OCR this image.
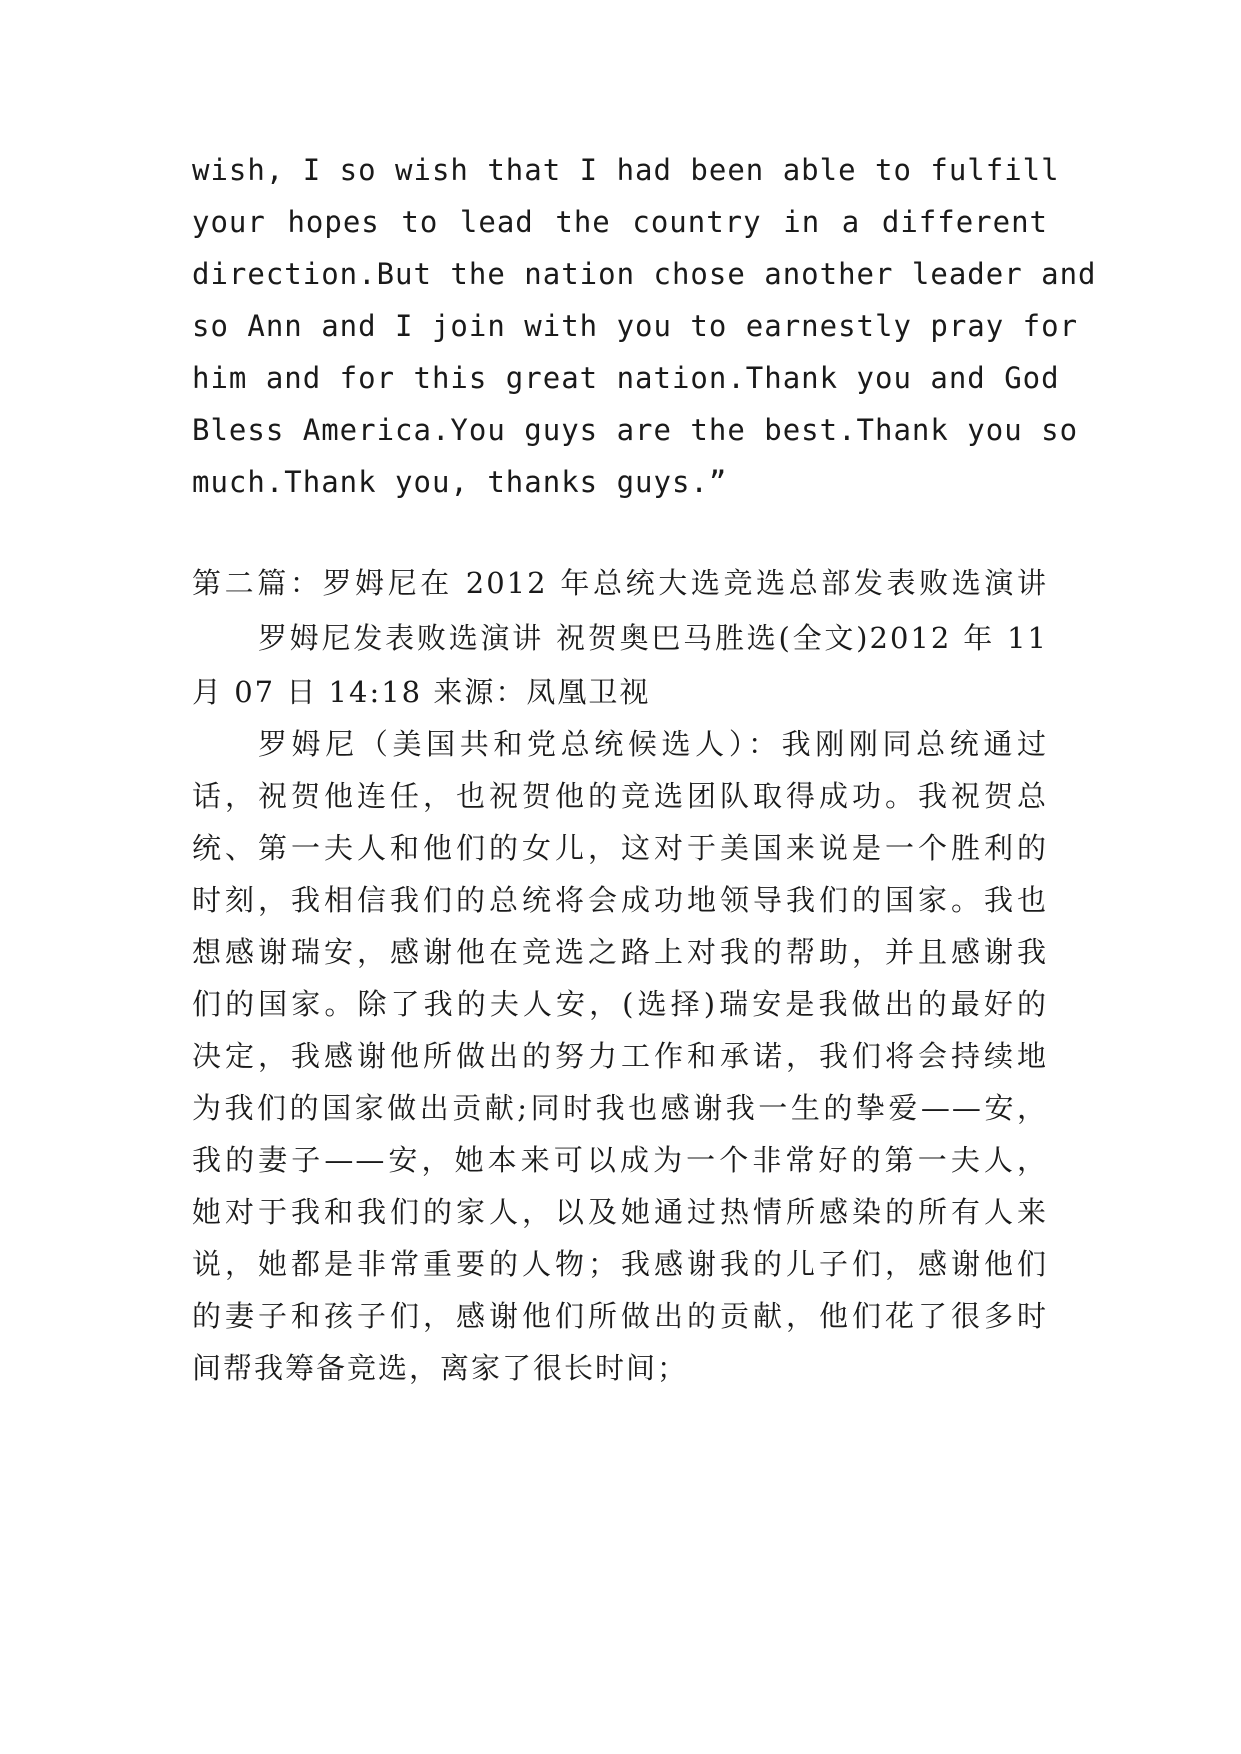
wish, I so wish that I had been able to fulfill
your hopes to lead the country in a different
direction.But the nation chose another leader and
so Ann and I join with you to earnestly pray for
him and for this great nation.Thank you and God
Bless America.You guys are the best.Thank you so
much.Thank you, thanks guys.”
第二篇：罗姆尼在 2012 年总统大选竞选总部发表败选演讲
罗姆尼发表败选演讲 祝贺奥巴马胜选(全文)2012 年 11
月 07 日 14:18 来源：凤凰卫视
罗姆尼（美国共和党总统候选人）：我刚刚同总统通过
话，祝贺他连任，也祝贺他的竞选团队取得成功。我祝贺总
统、第一夫人和他们的女儿，这对于美国来说是一个胜利的
时刻，我相信我们的总统将会成功地领导我们的国家。我也
想感谢瑞安，感谢他在竞选之路上对我的帮助，并且感谢我
们的国家。除了我的夫人安，(选择)瑞安是我做出的最好的
决定，我感谢他所做出的努力工作和承诺，我们将会持续地
为我们的国家做出贡献;同时我也感谢我一生的挚爱——安，
我的妻子——安，她本来可以成为一个非常好的第一夫人，
她对于我和我们的家人，以及她通过热情所感染的所有人来
说，她都是非常重要的人物；我感谢我的儿子们，感谢他们
的妻子和孩子们，感谢他们所做出的贡献，他们花了很多时
间帮我筹备竞选，离家了很长时间；
